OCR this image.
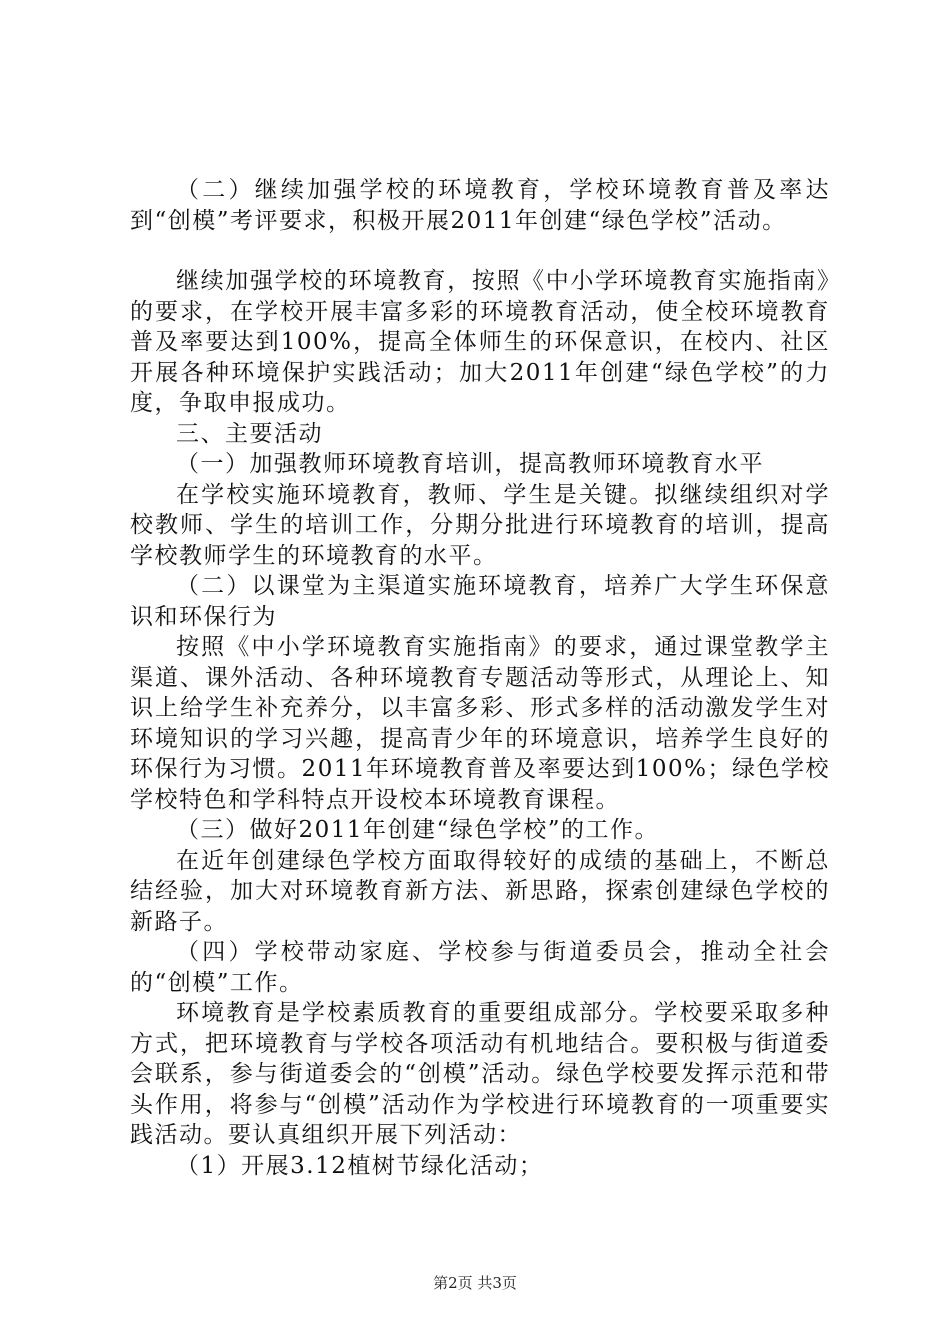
（二）继续加强学校的环境教育，学校环境教育普及率达到“创模”考评要求，积极开展2011年创建“绿色学校”活动。

继续加强学校的环境教育，按照《中小学环境教育实施指南》的要求，在学校开展丰富多彩的环境教育活动，使全校环境教育普及率要达到100%，提高全体师生的环保意识，在校内、社区开展各种环境保护实践活动；加大2011年创建“绿色学校”的力度，争取申报成功。

三、主要活动

（一）加强教师环境教育培训，提高教师环境教育水平

在学校实施环境教育，教师、学生是关键。拟继续组织对学校教师、学生的培训工作，分期分批进行环境教育的培训，提高学校教师学生的环境教育的水平。

（二）以课堂为主渠道实施环境教育，培养广大学生环保意识和环保行为

按照《中小学环境教育实施指南》的要求，通过课堂教学主渠道、课外活动、各种环境教育专题活动等形式，从理论上、知识上给学生补充养分，以丰富多彩、形式多样的活动激发学生对环境知识的学习兴趣，提高青少年的环境意识，培养学生良好的环保行为习惯。2011年环境教育普及率要达到100%；绿色学校学校特色和学科特点开设校本环境教育课程。

（三）做好2011年创建“绿色学校”的工作。

在近年创建绿色学校方面取得较好的成绩的基础上，不断总结经验，加大对环境教育新方法、新思路，探索创建绿色学校的新路子。

（四）学校带动家庭、学校参与街道委员会，推动全社会的“创模”工作。

环境教育是学校素质教育的重要组成部分。学校要采取多种方式，把环境教育与学校各项活动有机地结合。要积极与街道委会联系，参与街道委会的“创模”活动。绿色学校要发挥示范和带头作用，将参与“创模”活动作为学校进行环境教育的一项重要实践活动。要认真组织开展下列活动：

（1）开展3.12植树节绿化活动；

第2页 共3页
